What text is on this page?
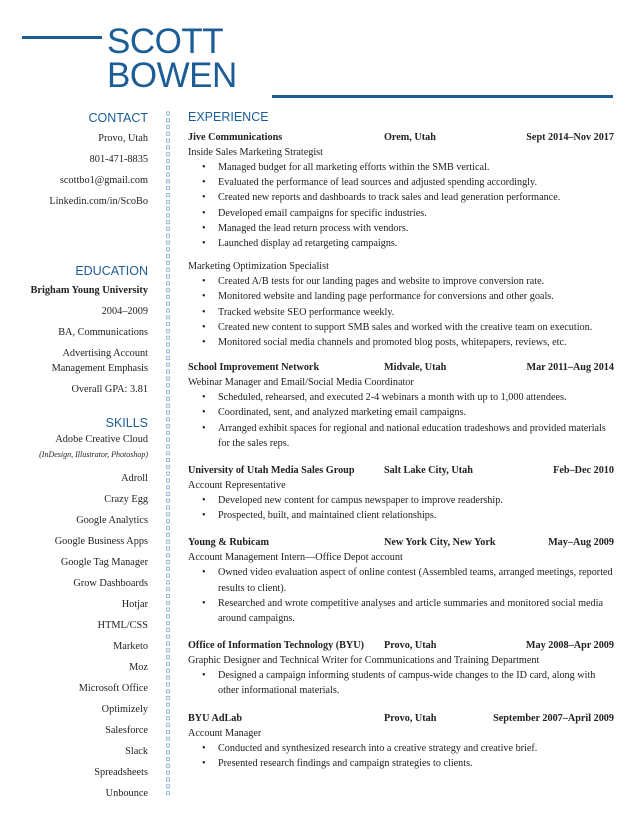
SCOTT
BOWEN
CONTACT
Provo, Utah
801-471-8835
scottbo1@gmail.com
Linkedin.com/in/ScoBo
EDUCATION
Brigham Young University
2004–2009
BA, Communications
Advertising Account
Management Emphasis
Overall GPA: 3.81
SKILLS
Adobe Creative Cloud
(InDesign, Illustrator, Photoshop)
Adroll
Crazy Egg
Google Analytics
Google Business Apps
Google Tag Manager
Grow Dashboards
Hotjar
HTML/CSS
Marketo
Moz
Microsoft Office
Optimizely
Salesforce
Slack
Spreadsheets
Unbounce
EXPERIENCE
Jive Communications	Orem, Utah	Sept 2014–Nov 2017
Inside Sales Marketing Strategist
• Managed budget for all marketing efforts within the SMB vertical.
• Evaluated the performance of lead sources and adjusted spending accordingly.
• Created new reports and dashboards to track sales and lead generation performance.
• Developed email campaigns for specific industries.
• Managed the lead return process with vendors.
• Launched display ad retargeting campaigns.
Marketing Optimization Specialist
• Created A/B tests for our landing pages and website to improve conversion rate.
• Monitored website and landing page performance for conversions and other goals.
• Tracked website SEO performance weekly.
• Created new content to support SMB sales and worked with the creative team on execution.
• Monitored social media channels and promoted blog posts, whitepapers, reviews, etc.
School Improvement Network	Midvale, Utah	Mar 2011–Aug 2014
Webinar Manager and Email/Social Media Coordinator
• Scheduled, rehearsed, and executed 2-4 webinars a month with up to 1,000 attendees.
• Coordinated, sent, and analyzed marketing email campaigns.
• Arranged exhibit spaces for regional and national education tradeshows and provided materials for the sales reps.
University of Utah Media Sales Group	Salt Lake City, Utah	Feb–Dec 2010
Account Representative
• Developed new content for campus newspaper to improve readership.
• Prospected, built, and maintained client relationships.
Young & Rubicam	New York City, New York	May–Aug 2009
Account Management Intern—Office Depot account
• Owned video evaluation aspect of online contest (Assembled teams, arranged meetings, reported results to client).
• Researched and wrote competitive analyses and article summaries and monitored social media around campaigns.
Office of Information Technology (BYU)	Provo, Utah	May 2008–Apr 2009
Graphic Designer and Technical Writer for Communications and Training Department
• Designed a campaign informing students of campus-wide changes to the ID card, along with other informational materials.
BYU AdLab	Provo, Utah	September 2007–April 2009
Account Manager
• Conducted and synthesized research into a creative strategy and creative brief.
• Presented research findings and campaign strategies to clients.
